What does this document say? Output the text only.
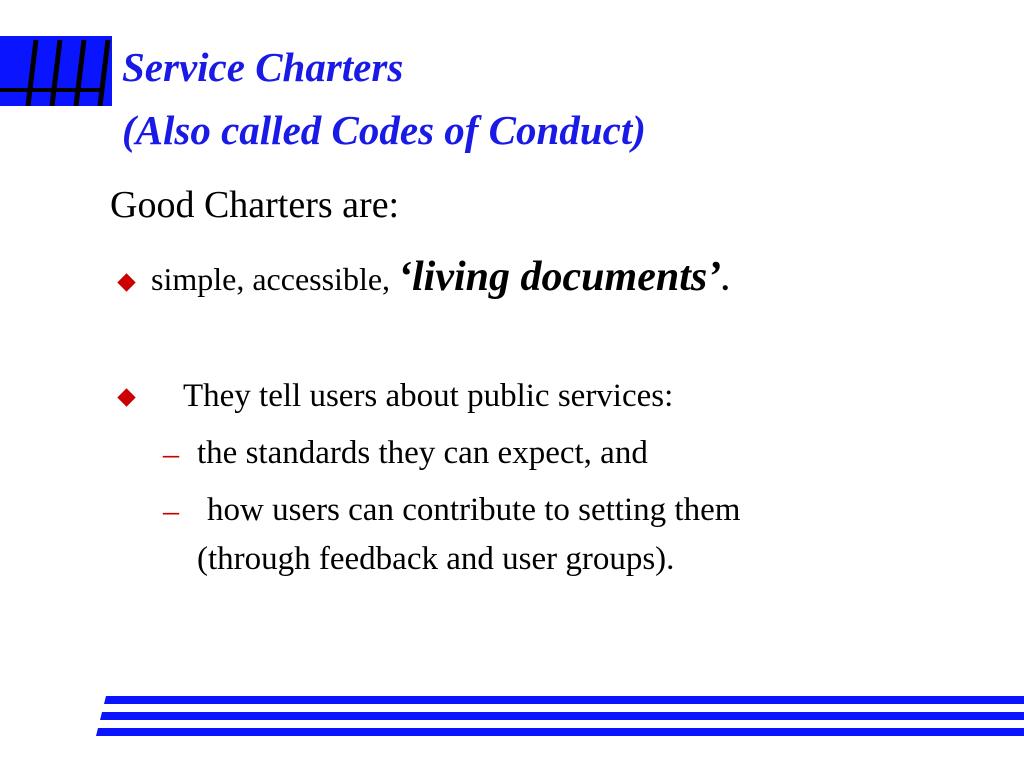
Service Charters
(Also called Codes of Conduct)
Good Charters are:
simple, accessible, ‘living documents’.
They tell users about public services:
– the standards they can expect, and
– how users can contribute to setting them
(through feedback and user groups).
